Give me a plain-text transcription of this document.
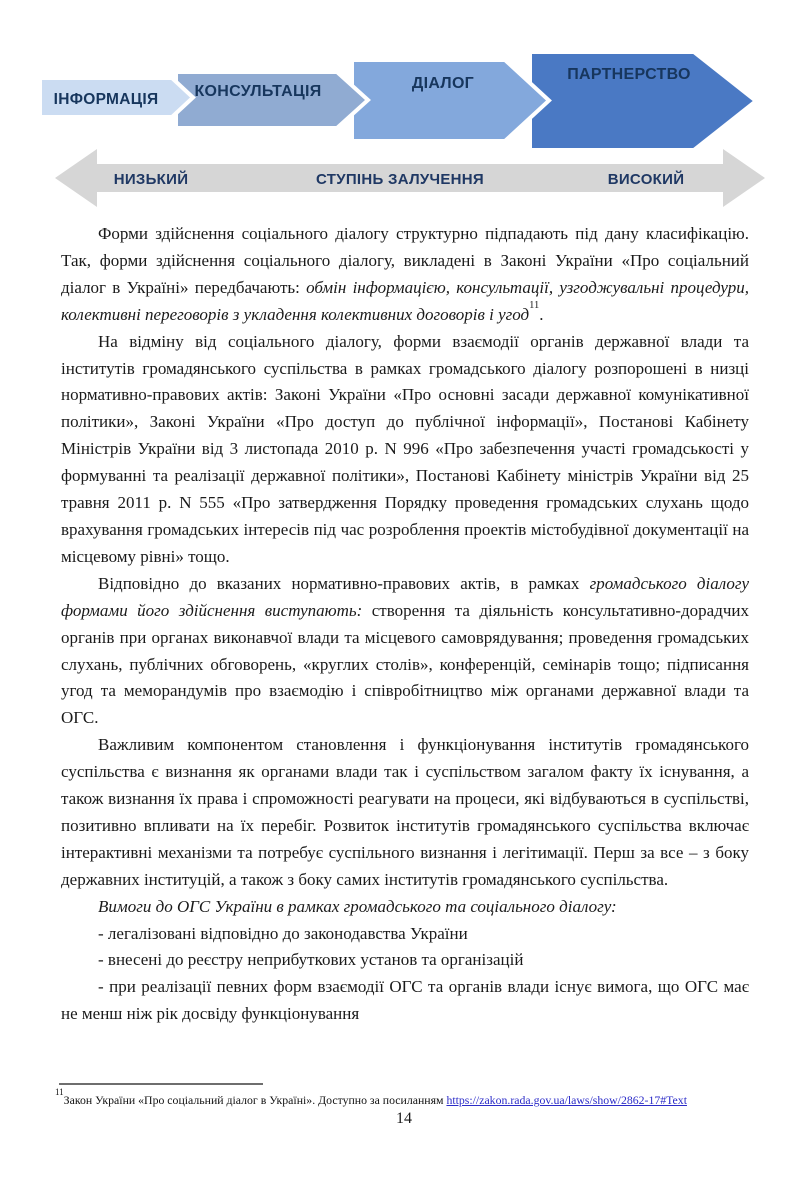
ІНФОРМАЦІЯ КОНСУЛЬТАЦІЯ	ДІАЛОГ
ПАРТНЕРСТВО
НИЗЬКИЙ	СТУПІНЬ ЗАЛУЧЕННЯ	ВИСОКИЙ

Форми здійснення соціального діалогу структурно підпадають під дану класифікацію. Так, форми здійснення соціального діалогу, викладені в Законі України «Про соціальний діалог в Україні» передбачають: обмін інформацією, консультації, узгоджувальні процедури, колективні переговорів з укладення колективних договорів і угод$^{11}$.

На відміну від соціального діалогу, форми взаємодії органів державної влади та інститутів громадянського суспільства в рамках громадського діалогу розпорошені в низці нормативно-правових актів: Законі України «Про основні засади державної комунікативної політики», Законі України «Про доступ до публічної інформації», Постанові Кабінету Міністрів України від 3 листопада 2010 р. N 996 «Про забезпечення участі громадськості у формуванні та реалізації державної політики», Постанові Кабінету міністрів України від 25 травня 2011 р. N 555 «Про затвердження Порядку проведення громадських слухань щодо врахування громадських інтересів під час розроблення проектів містобудівної документації на місцевому рівні» тощо.

Відповідно до вказаних нормативно-правових актів, в рамках громадського діалогу формами його здійснення виступають: створення та діяльність консультативно-дорадчих органів при органах виконавчої влади та місцевого самоврядування; проведення громадських слухань, публічних обговорень, «круглих столів», конференцій, семінарів тощо; підписання угод та меморандумів про взаємодію і співробітництво між органами державної влади та ОГС.

Важливим компонентом становлення і функціонування інститутів громадянського суспільства є визнання як органами влади так і суспільством загалом факту їх існування, а також визнання їх права і спроможності реагувати на процеси, які відбуваються в суспільстві, позитивно впливати на їх перебіг. Розвиток інститутів громадянського суспільства включає інтерактивні механізми та потребує суспільного визнання і легітимації. Перш за все – з боку державних інституцій, а також з боку самих інститутів громадянського суспільства.

Вимоги до ОГС України в рамках громадського та соціального діалогу:

- легалізовані відповідно до законодавства України

- внесені до реєстру неприбуткових установ та організацій

- при реалізації певних форм взаємодії ОГС та органів влади існує вимога, що ОГС має не менш ніж рік досвіду функціонування

$^{11}$Закон України «Про соціальний діалог в Україні». Доступно за посиланням https://zakon.rada.gov.ua/laws/show/2862-17#Text
14
